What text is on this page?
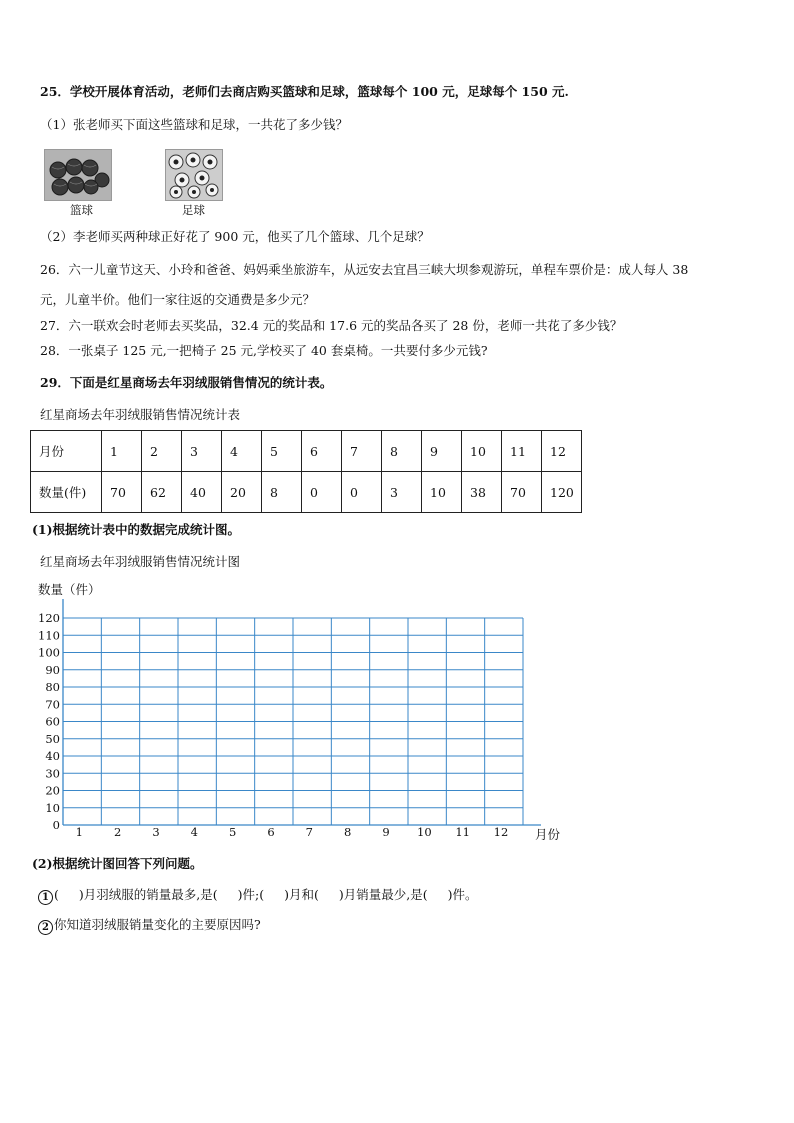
25．学校开展体育活动，老师们去商店购买篮球和足球，篮球每个 100 元，足球每个 150 元.
（1）张老师买下面这些篮球和足球，一共花了多少钱？
篮球	足球
（2）李老师买两种球正好花了 900 元，他买了几个篮球、几个足球？
26．六一儿童节这天、小玲和爸爸、妈妈乘坐旅游车，从远安去宜昌三峡大坝参观游玩，单程车票价是：成人每人 38
元，儿童半价。他们一家往返的交通费是多少元？
27．六一联欢会时老师去买奖品，32.4 元的奖品和 17.6 元的奖品各买了 28 份，老师一共花了多少钱？
28．一张桌子 125 元,一把椅子 25 元,学校买了 40 套桌椅。一共要付多少元钱?
29．下面是红星商场去年羽绒服销售情况的统计表。
红星商场去年羽绒服销售情况统计表
月份	1	2	3	4	5	6	7	8	9	10	11	12
数量(件)	70	62	40	20	8	0	0	3	10	38	70	120
(1)根据统计表中的数据完成统计图。
红星商场去年羽绒服销售情况统计图
数量（件）
月份
0
10
20
30
40
50
60
70
80
90
100
110
120
1	2	3	4	5	6	7	8	9 10 11 12
(2)根据统计图回答下列问题。
1 ( )月羽绒服的销量最多,是( )件;( )月和( )月销量最少,是( )件。
2 你知道羽绒服销量变化的主要原因吗?
